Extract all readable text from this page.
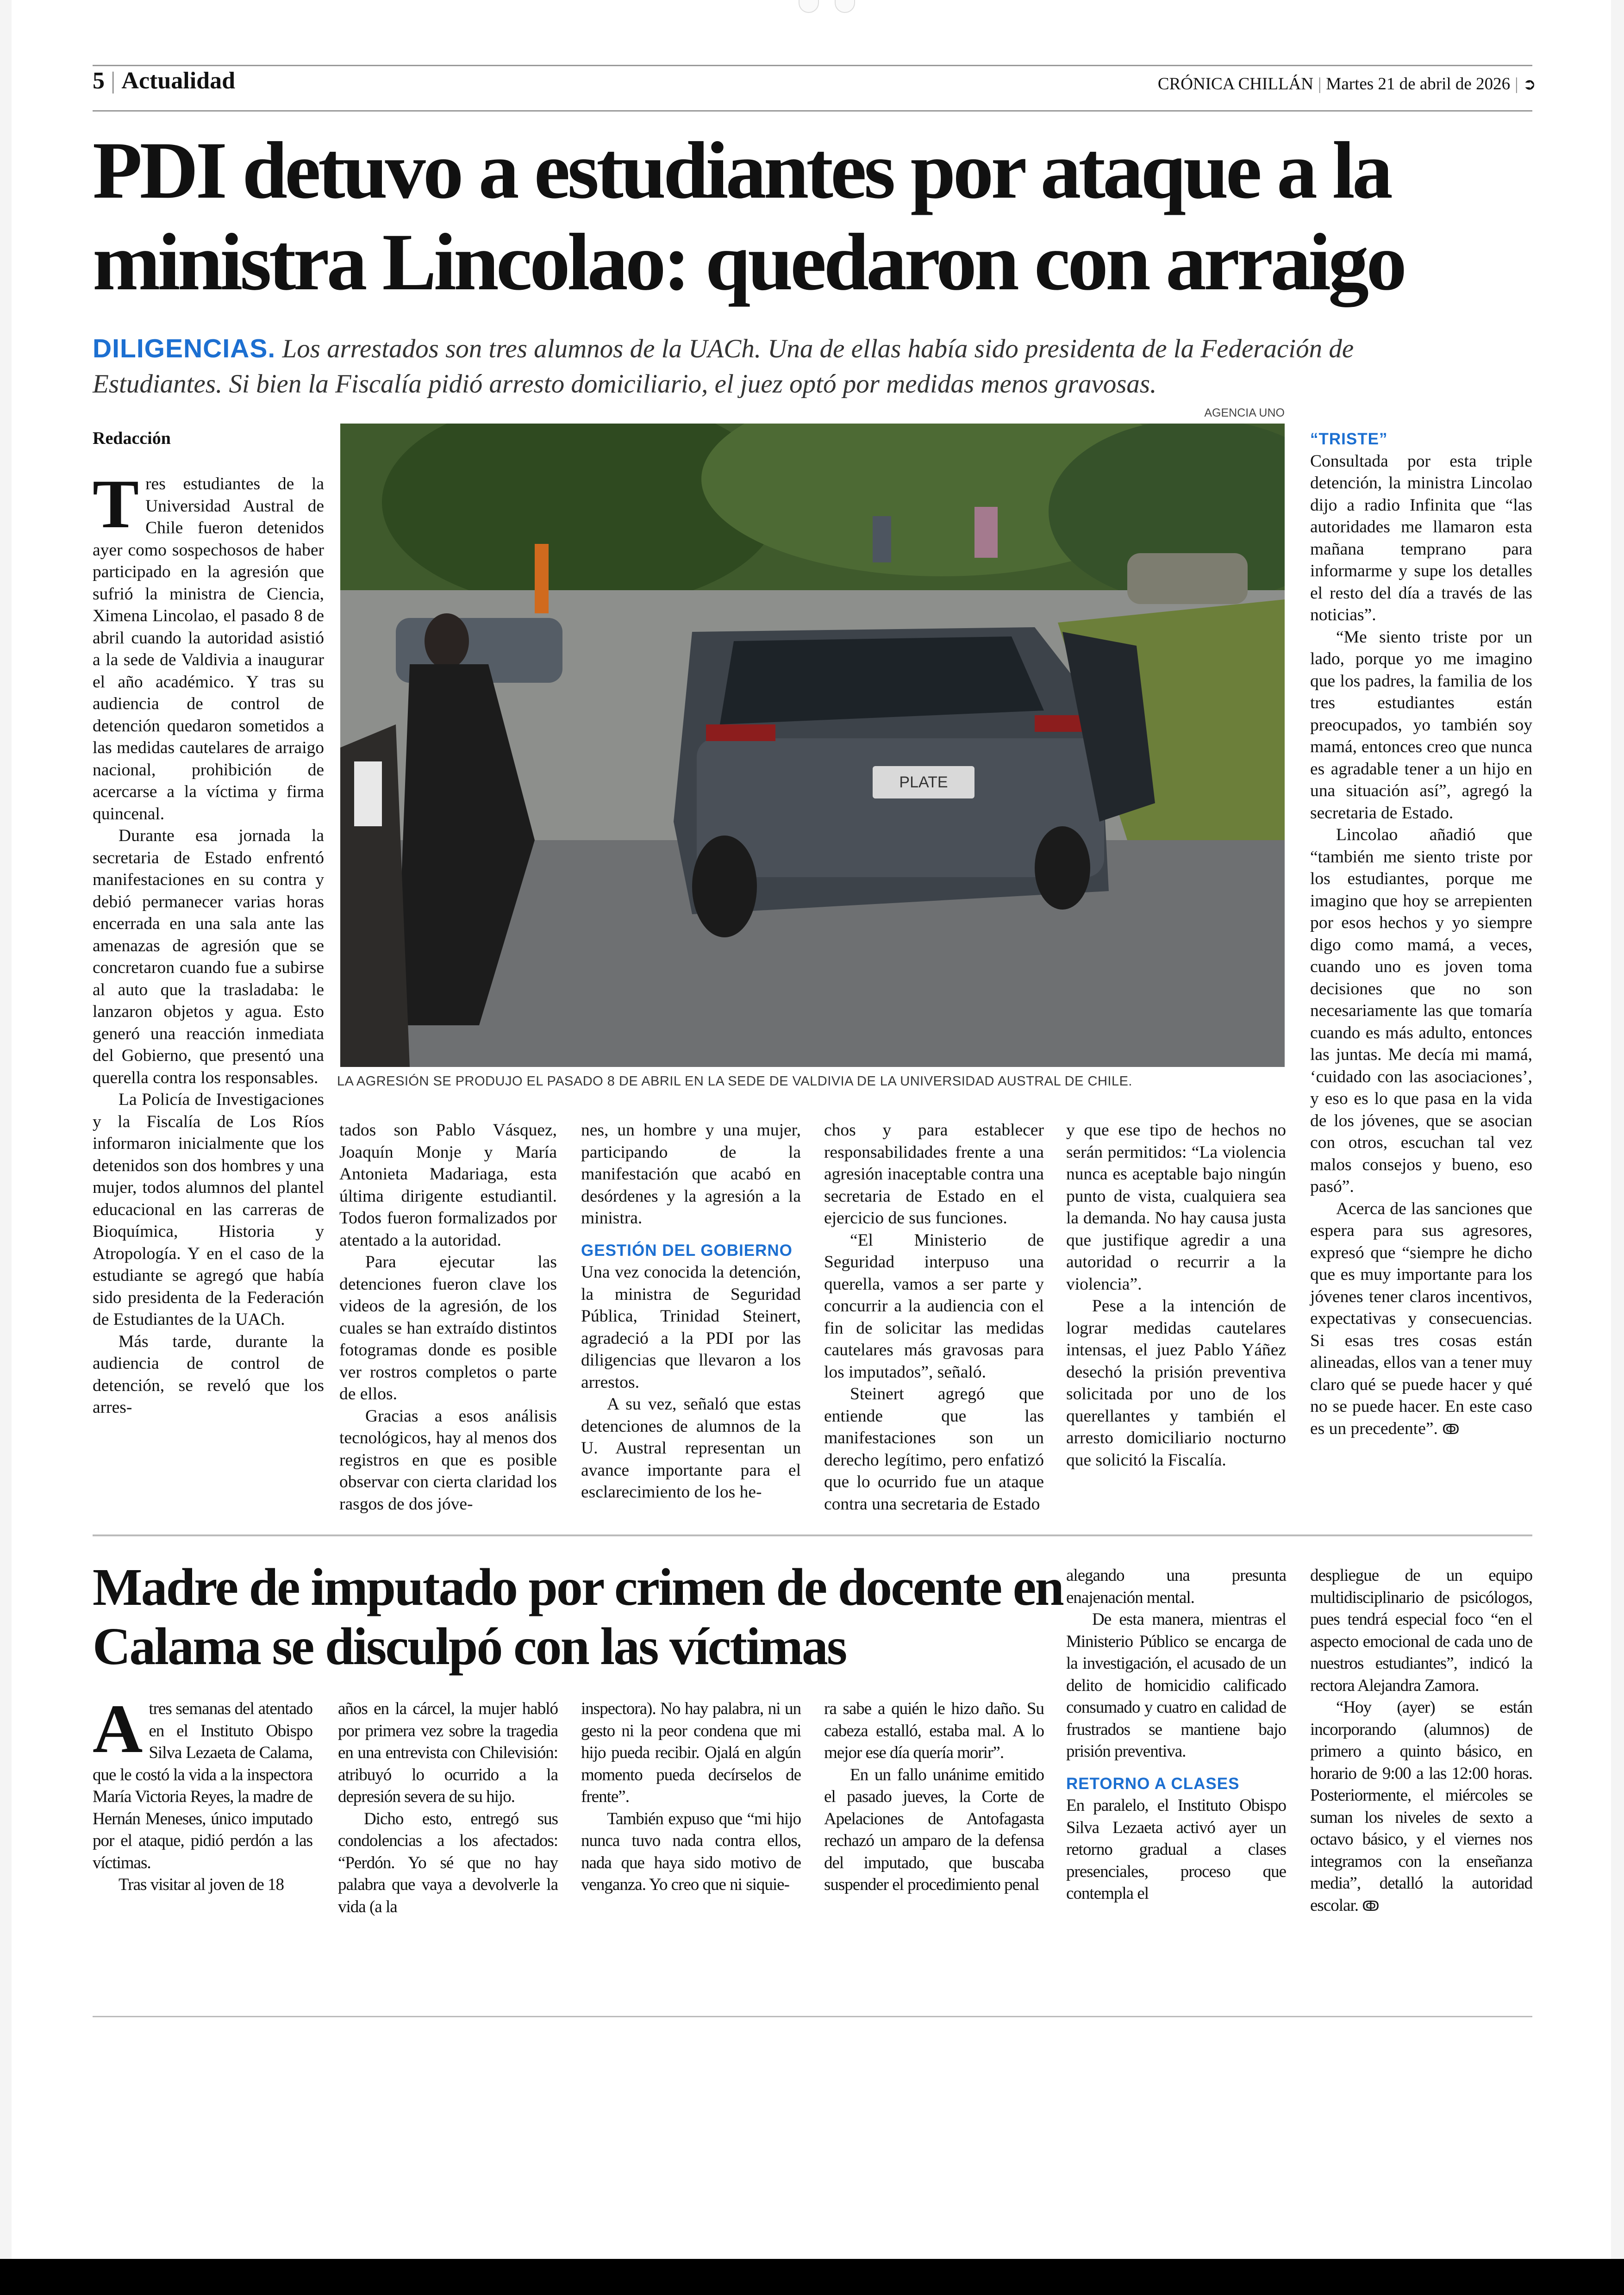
5 | Actualidad	CRÓNICA CHILLÁN | Martes 21 de abril de 2026 | ➲
PDI detuvo a estudiantes por ataque a la ministra Lincolao: quedaron con arraigo
DILIGENCIAS. Los arrestados son tres alumnos de la UACh. Una de ellas había sido presidenta de la Federación de Estudiantes. Si bien la Fiscalía pidió arresto domiciliario, el juez optó por medidas menos gravosas.
Redacción
AGENCIA UNO
PLATE
LA AGRESIÓN SE PRODUJO EL PASADO 8 DE ABRIL EN LA SEDE DE VALDIVIA DE LA UNIVERSIDAD AUSTRAL DE CHILE.

Tres estudiantes de la Universidad Austral de Chile fueron detenidos ayer como sospechosos de haber participado en la agresión que sufrió la ministra de Ciencia, Ximena Lincolao, el pasado 8 de abril cuando la autoridad asistió a la sede de Valdivia a inaugurar el año académico. Y tras su audiencia de control de detención quedaron sometidos a las medidas cautelares de arraigo nacional, prohibición de acercarse a la víctima y firma quincenal.

Durante esa jornada la secretaria de Estado enfrentó manifestaciones en su contra y debió permanecer varias horas encerrada en una sala ante las amenazas de agresión que se concretaron cuando fue a subirse al auto que la trasladaba: le lanzaron objetos y agua. Esto generó una reacción inmediata del Gobierno, que presentó una querella contra los responsables.

La Policía de Investigaciones y la Fiscalía de Los Ríos informaron inicialmente que los detenidos son dos hombres y una mujer, todos alumnos del plantel educacional en las carreras de Bioquímica, Historia y Atropología. Y en el caso de la estudiante se agregó que había sido presidenta de la Federación de Estudiantes de la UACh.

Más tarde, durante la audiencia de control de detención, se reveló que los arres-

tados son Pablo Vásquez, Joaquín Monje y María Antonieta Madariaga, esta última dirigente estudiantil. Todos fueron formalizados por atentado a la autoridad.

Para ejecutar las detenciones fueron clave los videos de la agresión, de los cuales se han extraído distintos fotogramas donde es posible ver rostros completos o parte de ellos.

Gracias a esos análisis tecnológicos, hay al menos dos registros en que es posible observar con cierta claridad los rasgos de dos jóve-

nes, un hombre y una mujer, participando de la manifestación que acabó en desórdenes y la agresión a la ministra.

GESTIÓN DEL GOBIERNO

Una vez conocida la detención, la ministra de Seguridad Pública, Trinidad Steinert, agradeció a la PDI por las diligencias que llevaron a los arrestos.

A su vez, señaló que estas detenciones de alumnos de la U. Austral representan un avance importante para el esclarecimiento de los he-

chos y para establecer responsabilidades frente a una agresión inaceptable contra una secretaria de Estado en el ejercicio de sus funciones.

“El Ministerio de Seguridad interpuso una querella, vamos a ser parte y concurrir a la audiencia con el fin de solicitar las medidas cautelares más gravosas para los imputados”, señaló.

Steinert agregó que entiende que las manifestaciones son un derecho legítimo, pero enfatizó que lo ocurrido fue un ataque contra una secretaria de Estado

y que ese tipo de hechos no serán permitidos: “La violencia nunca es aceptable bajo ningún punto de vista, cualquiera sea la demanda. No hay causa justa que justifique agredir a una autoridad o recurrir a la violencia”.

Pese a la intención de lograr medidas cautelares intensas, el juez Pablo Yáñez desechó la prisión preventiva solicitada por uno de los querellantes y también el arresto domiciliario nocturno que solicitó la Fiscalía.

“TRISTE”

Consultada por esta triple detención, la ministra Lincolao dijo a radio Infinita que “las autoridades me llamaron esta mañana temprano para informarme y supe los detalles el resto del día a través de las noticias”.

“Me siento triste por un lado, porque yo me imagino que los padres, la familia de los tres estudiantes están preocupados, yo también soy mamá, entonces creo que nunca es agradable tener a un hijo en una situación así”, agregó la secretaria de Estado.

Lincolao añadió que “también me siento triste por los estudiantes, porque me imagino que hoy se arrepienten por esos hechos y yo siempre digo como mamá, a veces, cuando uno es joven toma decisiones que no son necesariamente las que tomaría cuando es más adulto, entonces las juntas. Me decía mi mamá, ‘cuidado con las asociaciones’, y eso es lo que pasa en la vida de los jóvenes, que se asocian con otros, escuchan tal vez malos consejos y bueno, eso pasó”.

Acerca de las sanciones que espera para sus agresores, expresó que “siempre he dicho que es muy importante para los jóvenes tener claros incentivos, expectativas y consecuencias. Si esas tres cosas están alineadas, ellos van a tener muy claro qué se puede hacer y qué no se puede hacer. En este caso es un precedente”. ↂ

Madre de imputado por crimen de docente en Calama se disculpó con las víctimas

Atres semanas del atentado en el Instituto Obispo Silva Lezaeta de Calama, que le costó la vida a la inspectora María Victoria Reyes, la madre de Hernán Meneses, único imputado por el ataque, pidió perdón a las víctimas.

Tras visitar al joven de 18

años en la cárcel, la mujer habló por primera vez sobre la tragedia en una entrevista con Chilevisión: atribuyó lo ocurrido a la depresión severa de su hijo.

Dicho esto, entregó sus condolencias a los afectados: “Perdón. Yo sé que no hay palabra que vaya a devolverle la vida (a la

inspectora). No hay palabra, ni un gesto ni la peor condena que mi hijo pueda recibir. Ojalá en algún momento pueda decírselos de frente”.

También expuso que “mi hijo nunca tuvo nada contra ellos, nada que haya sido motivo de venganza. Yo creo que ni siquie-

ra sabe a quién le hizo daño. Su cabeza estalló, estaba mal. A lo mejor ese día quería morir”.

En un fallo unánime emitido el pasado jueves, la Corte de Apelaciones de Antofagasta rechazó un amparo de la defensa del imputado, que buscaba suspender el procedimiento penal

alegando una presunta enajenación mental.

De esta manera, mientras el Ministerio Público se encarga de la investigación, el acusado de un delito de homicidio calificado consumado y cuatro en calidad de frustrados se mantiene bajo prisión preventiva.

RETORNO A CLASES

En paralelo, el Instituto Obispo Silva Lezaeta activó ayer un retorno gradual a clases presenciales, proceso que contempla el

despliegue de un equipo multidisciplinario de psicólogos, pues tendrá especial foco “en el aspecto emocional de cada uno de nuestros estudiantes”, indicó la rectora Alejandra Zamora.

“Hoy (ayer) se están incorporando (alumnos) de primero a quinto básico, en horario de 9:00 a las 12:00 horas. Posteriormente, el miércoles se suman los niveles de sexto a octavo básico, y el viernes nos integramos con la enseñanza media”, detalló la autoridad escolar. ↂ
